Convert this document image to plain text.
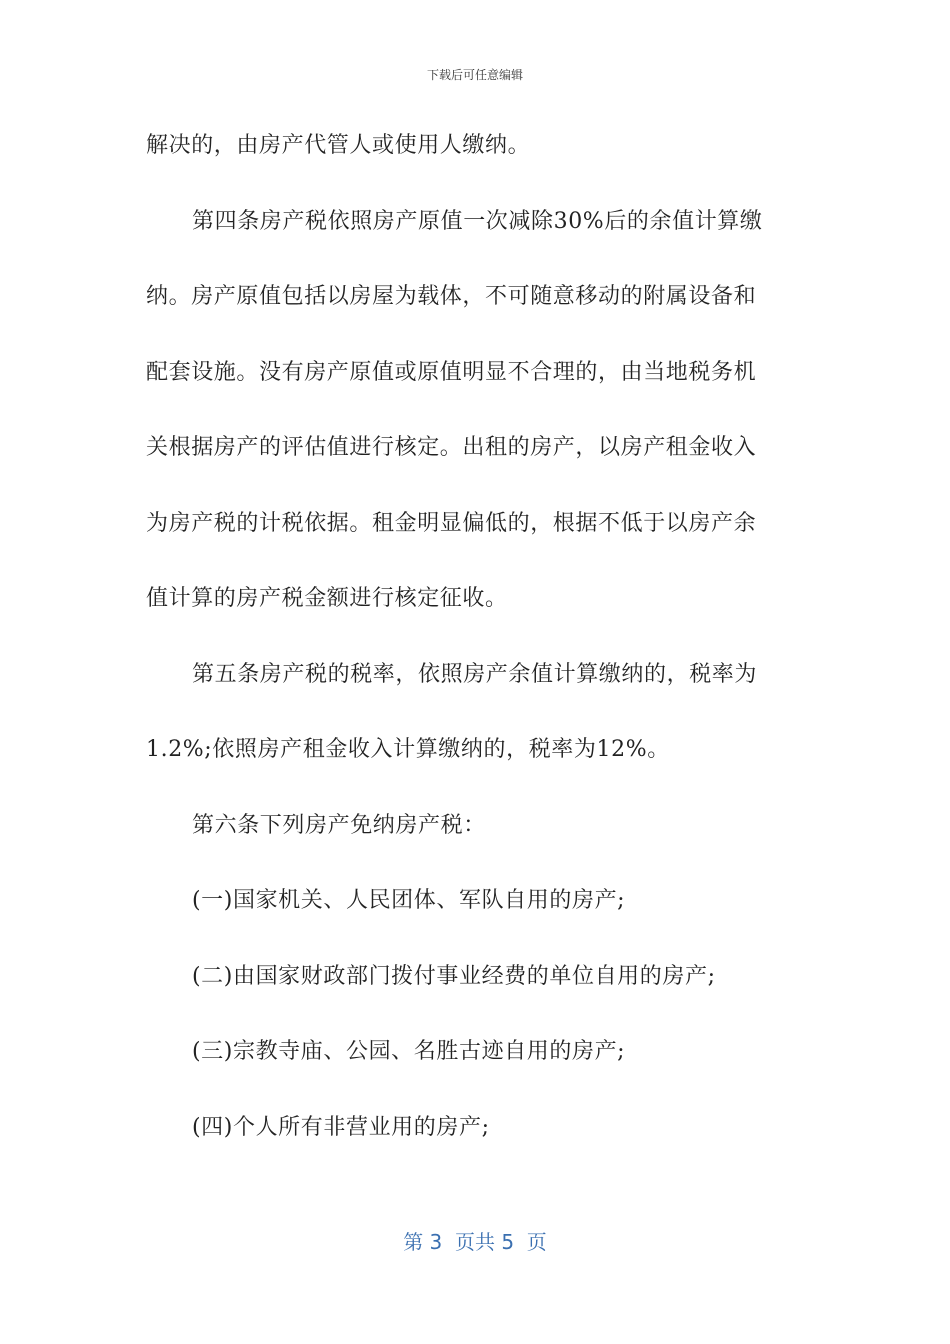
下载后可任意编辑
解决的，由房产代管人或使用人缴纳。
第四条房产税依照房产原值一次减除30%后的余值计算缴
纳。房产原值包括以房屋为载体，不可随意移动的附属设备和
配套设施。没有房产原值或原值明显不合理的，由当地税务机
关根据房产的评估值进行核定。出租的房产，以房产租金收入
为房产税的计税依据。租金明显偏低的，根据不低于以房产余
值计算的房产税金额进行核定征收。
第五条房产税的税率，依照房产余值计算缴纳的，税率为
1.2%;依照房产租金收入计算缴纳的，税率为12%。
第六条下列房产免纳房产税：
(一)国家机关、人民团体、军队自用的房产;
(二)由国家财政部门拨付事业经费的单位自用的房产;
(三)宗教寺庙、公园、名胜古迹自用的房产;
(四)个人所有非营业用的房产;
第 3  页共 5  页
